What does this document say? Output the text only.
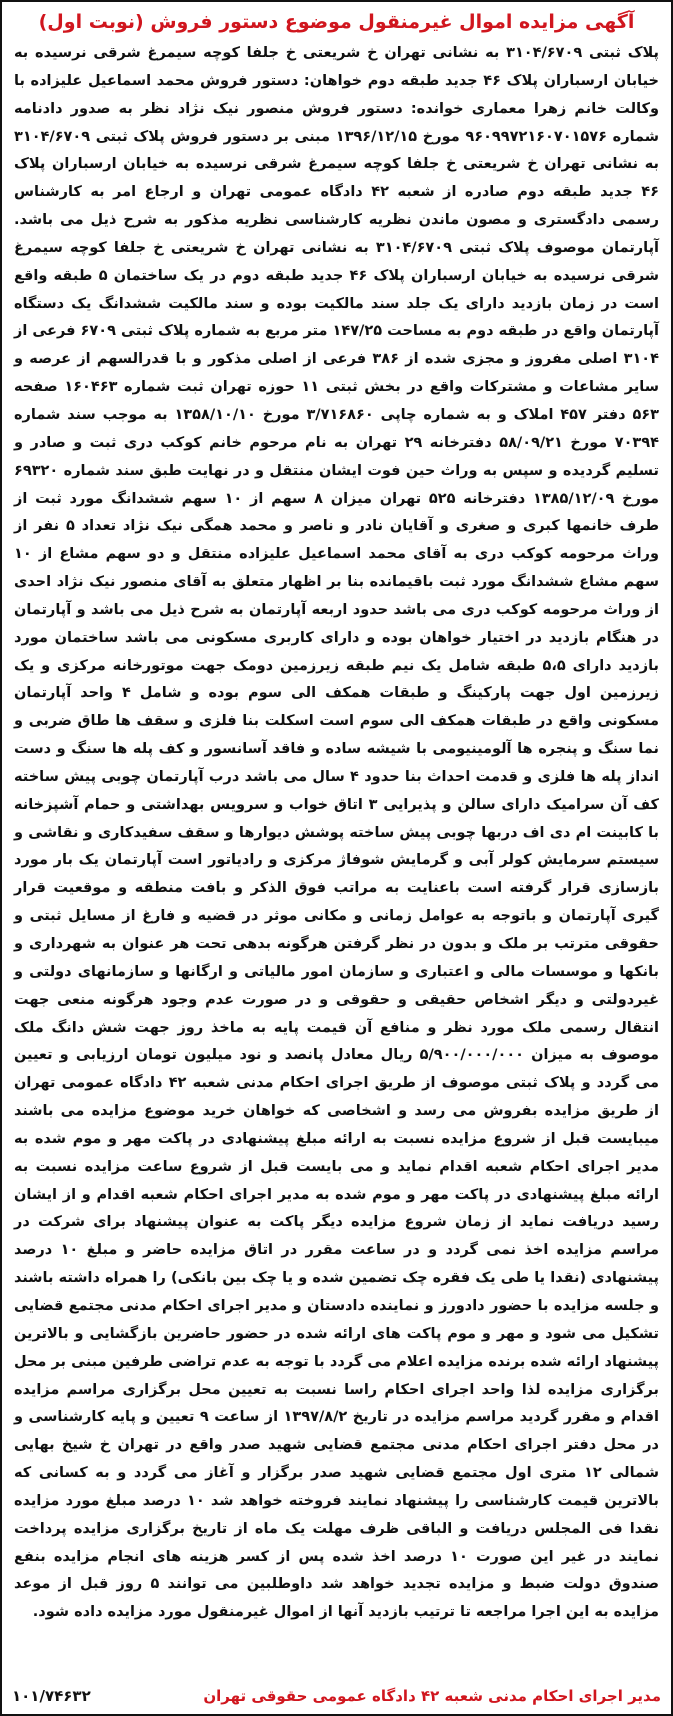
آگهی مزایده اموال غیرمنقول موضوع دستور فروش (نوبت اول)
پلاک ثبتی ۳۱۰۴/۶۷۰۹ به نشانی تهران خ شریعتی خ جلفا کوچه سیمرغ شرقی نرسیده به خیابان ارسباران پلاک ۴۶ جدید طبقه دوم خواهان: دستور فروش محمد اسماعیل علیزاده با وکالت خانم زهرا معماری خوانده: دستور فروش منصور نیک نژاد نظر به صدور دادنامه شماره ۹۶۰۹۹۷۲۱۶۰۷۰۱۵۷۶ مورخ ۱۳۹۶/۱۲/۱۵ مبنی بر دستور فروش پلاک ثبتی ۳۱۰۴/۶۷۰۹ به نشانی تهران خ شریعتی خ جلفا کوچه سیمرغ شرقی نرسیده به خیابان ارسباران پلاک ۴۶ جدید طبقه دوم صادره از شعبه ۴۲ دادگاه عمومی تهران و ارجاع امر به کارشناس رسمی دادگستری و مصون ماندن نظریه کارشناسی نظریه مذکور به شرح ذیل می باشد. آپارتمان موصوف پلاک ثبتی ۳۱۰۴/۶۷۰۹ به نشانی تهران خ شریعتی خ جلفا کوچه سیمرغ شرقی نرسیده به خیابان ارسباران پلاک ۴۶ جدید طبقه دوم در یک ساختمان ۵ طبقه واقع است در زمان بازدید دارای یک جلد سند مالکیت بوده و سند مالکیت ششدانگ یک دستگاه آپارتمان واقع در طبقه دوم به مساحت ۱۴۷/۲۵ متر مربع به شماره پلاک ثبتی ۶۷۰۹ فرعی از ۳۱۰۴ اصلی مفروز و مجزی شده از ۳۸۶ فرعی از اصلی مذکور و با قدرالسهم از عرصه و سایر مشاعات و مشترکات واقع در بخش ثبتی ۱۱ حوزه تهران ثبت شماره ۱۶۰۴۶۳ صفحه ۵۶۳ دفتر ۴۵۷ املاک و به شماره چاپی ۳/۷۱۶۸۶۰ مورخ ۱۳۵۸/۱۰/۱۰ به موجب سند شماره ۷۰۳۹۴ مورخ ۵۸/۰۹/۲۱ دفترخانه ۲۹ تهران به نام مرحوم خانم کوکب دری ثبت و صادر و تسلیم گردیده و سپس به وراث حین فوت ایشان منتقل و در نهایت طبق سند شماره ۶۹۳۲۰ مورخ ۱۳۸۵/۱۲/۰۹ دفترخانه ۵۲۵ تهران میزان ۸ سهم از ۱۰ سهم ششدانگ مورد ثبت از طرف خانمها کبری و صغری و آقایان نادر و ناصر و محمد همگی نیک نژاد تعداد ۵ نفر از وراث مرحومه کوکب دری به آقای محمد اسماعیل علیزاده منتقل و دو سهم مشاع از ۱۰ سهم مشاع ششدانگ مورد ثبت باقیمانده بنا بر اظهار متعلق به آقای منصور نیک نژاد احدی از وراث مرحومه کوکب دری می باشد حدود اربعه آپارتمان به شرح ذیل می باشد و آپارتمان در هنگام بازدید در اختیار خواهان بوده و دارای کاربری مسکونی می باشد ساختمان مورد بازدید دارای ۵،۵ طبقه شامل یک نیم طبقه زیرزمین دومک جهت موتورخانه مرکزی و یک زیرزمین اول جهت پارکینگ و طبقات همکف الی سوم بوده و شامل ۴ واحد آپارتمان مسکونی واقع در طبقات همکف الی سوم است اسکلت بنا فلزی و سقف ها طاق ضربی و نما سنگ و پنجره ها آلومینیومی با شیشه ساده و فاقد آسانسور و کف پله ها سنگ و دست انداز پله ها فلزی و قدمت احداث بنا حدود ۴ سال می باشد درب آپارتمان چوبی پیش ساخته کف آن سرامیک دارای سالن و پذیرایی ۳ اتاق خواب و سرویس بهداشتی و حمام آشپزخانه با کابینت ام دی اف دربها چوبی پیش ساخته پوشش دیوارها و سقف سفیدکاری و نقاشی و سیستم سرمایش کولر آبی و گرمایش شوفاژ مرکزی و رادیاتور است آپارتمان یک بار مورد بازسازی قرار گرفته است باعنایت به مراتب فوق الذکر و بافت منطقه و موقعیت قرار گیری آپارتمان و باتوجه به عوامل زمانی و مکانی موثر در قضیه و فارغ از مسایل ثبتی و حقوقی مترتب بر ملک و بدون در نظر گرفتن هرگونه بدهی تحت هر عنوان به شهرداری و بانکها و موسسات مالی و اعتباری و سازمان امور مالیاتی و ارگانها و سازمانهای دولتی و غیردولتی و دیگر اشخاص حقیقی و حقوقی و در صورت عدم وجود هرگونه منعی جهت انتقال رسمی ملک مورد نظر و منافع آن قیمت پایه به ماخذ روز جهت شش دانگ ملک موصوف به میزان ۵/۹۰۰/۰۰۰/۰۰۰ ریال معادل پانصد و نود میلیون تومان ارزیابی و تعیین می گردد و پلاک ثبتی موصوف از طریق اجرای احکام مدنی شعبه ۴۲ دادگاه عمومی تهران از طریق مزایده بفروش می رسد و اشخاصی که خواهان خرید موضوع مزایده می باشند میبایست قبل از شروع مزایده نسبت به ارائه مبلغ پیشنهادی در پاکت مهر و موم شده به مدیر اجرای احکام شعبه اقدام نماید و می بایست قبل از شروع ساعت مزایده نسبت به ارائه مبلغ پیشنهادی در پاکت مهر و موم شده به مدیر اجرای احکام شعبه اقدام و از ایشان رسید دریافت نماید از زمان شروع مزایده دیگر پاکت به عنوان پیشنهاد برای شرکت در مراسم مزایده اخذ نمی گردد و در ساعت مقرر در اتاق مزایده حاضر و مبلغ ۱۰ درصد پیشنهادی (نقدا یا طی یک فقره چک تضمین شده و یا چک بین بانکی) را همراه داشته باشند و جلسه مزایده با حضور دادورز و نماینده دادستان و مدیر اجرای احکام مدنی مجتمع قضایی تشکیل می شود و مهر و موم پاکت های ارائه شده در حضور حاضرین بازگشایی و بالاترین پیشنهاد ارائه شده برنده مزایده اعلام می گردد با توجه به عدم تراضی طرفین مبنی بر محل برگزاری مزایده لذا واحد اجرای احکام راسا نسبت به تعیین محل برگزاری مراسم مزایده اقدام و مقرر گردید مراسم مزایده در تاریخ ۱۳۹۷/۸/۲ از ساعت ۹ تعیین و پایه کارشناسی و در محل دفتر اجرای احکام مدنی مجتمع قضایی شهید صدر واقع در تهران خ شیخ بهایی شمالی ۱۲ متری اول مجتمع قضایی شهید صدر برگزار و آغاز می گردد و به کسانی که بالاترین قیمت کارشناسی را پیشنهاد نمایند فروخته خواهد شد ۱۰ درصد مبلغ مورد مزایده نقدا فی المجلس دریافت و الباقی ظرف مهلت یک ماه از تاریخ برگزاری مزایده پرداخت نمایند در غیر این صورت ۱۰ درصد اخذ شده پس از کسر هزینه های انجام مزایده بنفع صندوق دولت ضبط و مزایده تجدید خواهد شد داوطلبین می توانند ۵ روز قبل از موعد مزایده به این اجرا مراجعه تا ترتیب بازدید آنها از اموال غیرمنقول مورد مزایده داده شود.
مدیر اجرای احکام مدنی شعبه ۴۲ دادگاه عمومی حقوقی تهران
۱۰۱/۷۴۶۳۲
